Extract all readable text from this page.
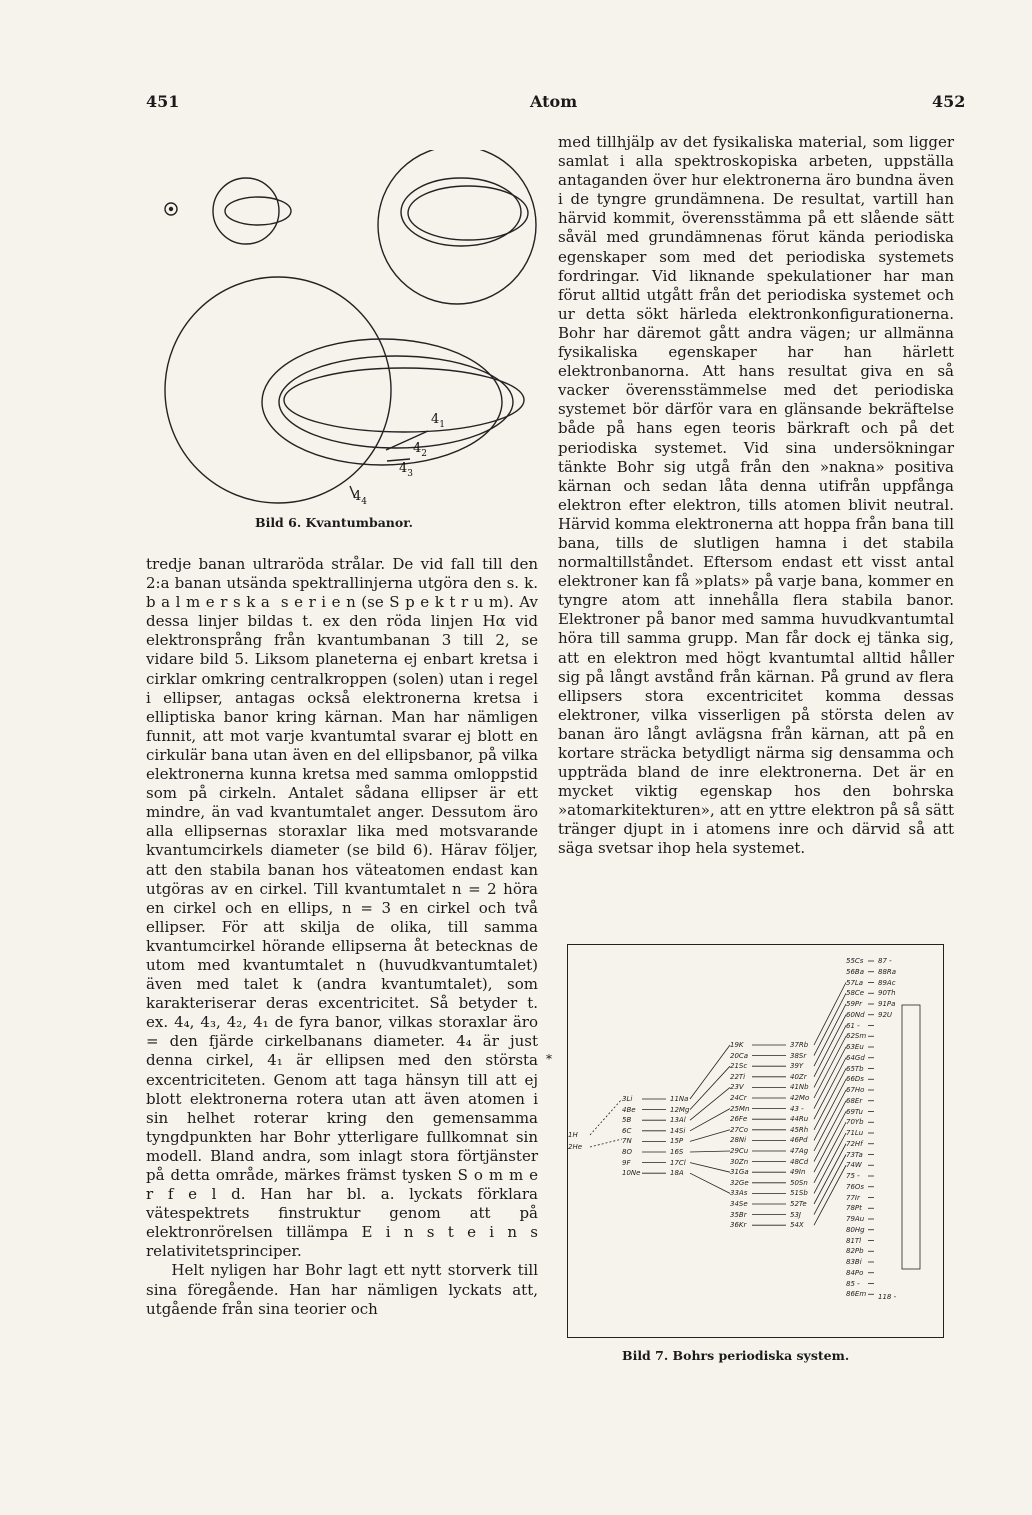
451	Atom	452
$4_1$
$4_2$
$4_3$
$4_4$
Bild 6. Kvantumbanor.
tredje banan ultraröda strålar. De vid fall till den 2:a banan utsända spektrallinjerna utgöra den s. k. b a l m e r s k a  s e r i e n (se S p e k t r u m). Av dessa linjer bildas t. ex den röda linjen Hα vid elektronsprång från kvantumbanan 3 till 2, se vidare bild 5. Liksom planeterna ej enbart kretsa i cirklar omkring centralkroppen (solen) utan i regel i ellipser, antagas också elektronerna kretsa i elliptiska banor kring kärnan. Man har nämligen funnit, att mot varje kvantumtal svarar ej blott en cirkulär bana utan även en del ellipsbanor, på vilka elektronerna kunna kretsa med samma omloppstid som på cirkeln. Antalet sådana ellipser är ett mindre, än vad kvantumtalet anger. Dessutom äro alla ellipsernas storaxlar lika med motsvarande kvantumcirkels diameter (se bild 6). Härav följer, att den stabila banan hos väteatomen endast kan utgöras av en cirkel. Till kvantumtalet n = 2 höra en cirkel och en ellips, n = 3 en cirkel och två ellipser. För att skilja de olika, till samma kvantumcirkel hörande ellipserna åt betecknas de utom med kvantumtalet n (huvudkvantumtalet) även med talet k (andra kvantumtalet), som karakteriserar deras excentricitet. Så betyder t. ex. 4₄, 4₃, 4₂, 4₁ de fyra banor, vilkas storaxlar äro = den fjärde cirkelbanans diameter. 4₄ är just denna cirkel, 4₁ är ellipsen med den största excentriciteten. Genom att taga hänsyn till att ej blott elektronerna rotera utan att även atomen i sin helhet roterar kring den gemensamma tyngdpunkten har Bohr ytterligare fullkomnat sin modell. Bland andra, som inlagt stora förtjänster på detta område, märkes främst tysken S o m m e r f e l d. Han har bl. a. lyckats förklara vätespektrets finstruktur genom att på elektronrörelsen tillämpa E i n s t e i n s relativitetsprinciper.
Helt nyligen har Bohr lagt ett nytt storverk till sina föregående. Han har nämligen lyckats att, utgående från sina teorier och
*
med tillhjälp av det fysikaliska material, som ligger samlat i alla spektroskopiska arbeten, uppställa antaganden över hur elektronerna äro bundna även i de tyngre grundämnena. De resultat, vartill han härvid kommit, överensstämma på ett slående sätt såväl med grundämnenas förut kända periodiska egenskaper som med det periodiska systemets fordringar. Vid liknande spekulationer har man förut alltid utgått från det periodiska systemet och ur detta sökt härleda elektronkonfigurationerna. Bohr har däremot gått andra vägen; ur allmänna fysikaliska egenskaper har han härlett elektronbanorna. Att hans resultat giva en så vacker överensstämmelse med det periodiska systemet bör därför vara en glänsande bekräftelse både på hans egen teoris bärkraft och på det periodiska systemet. Vid sina undersökningar tänkte Bohr sig utgå från den »nakna» positiva kärnan och sedan låta denna utifrån uppfånga elektron efter elektron, tills atomen blivit neutral. Härvid komma elektronerna att hoppa från bana till bana, tills de slutligen hamna i det stabila normaltillståndet. Eftersom endast ett visst antal elektroner kan få »plats» på varje bana, kommer en tyngre atom att innehålla flera stabila banor. Elektroner på banor med samma huvudkvantumtal höra till samma grupp. Man får dock ej tänka sig, att en elektron med högt kvantumtal alltid håller sig på långt avstånd från kärnan. På grund av flera ellipsers stora excentricitet komma dessas elektroner, vilka visserligen på största delen av banan äro långt avlägsna från kärnan, att på en kortare sträcka betydligt närma sig densamma och uppträda bland de inre elektronerna. Det är en mycket viktig egenskap hos den bohrska »atomarkitekturen», att en yttre elektron på så sätt tränger djupt in i atomens inre och därvid så att säga svetsar ihop hela systemet.
1H
2He
3Li
4Be
5B
6C
7N
8O
9F
10Ne
11Na
12Mg
13Al
14Si
15P
16S
17Cl
18A
19K
20Ca
21Sc
22Ti
23V
24Cr
25Mn
26Fe
27Co
28Ni
29Cu
30Zn
31Ga
32Ge
33As
34Se
35Br
36Kr
37Rb
38Sr
39Y
40Zr
41Nb
42Mo
43 -
44Ru
45Rh
46Pd
47Ag
48Cd
49In
50Sn
51Sb
52Te
53J
54X
55Cs
56Ba
57La
58Ce
59Pr
60Nd
61 -
62Sm
63Eu
64Gd
65Tb
66Ds
67Ho
68Er
69Tu
70Yb
71Lu
72Hf
73Ta
74W
75 -
76Os
77Ir
78Pt
79Au
80Hg
81Tl
82Pb
83Bi
84Po
85 -
86Em
87 -
88Ra
89Ac
90Th
91Pa
92U
118 -
Bild 7. Bohrs periodiska system.
